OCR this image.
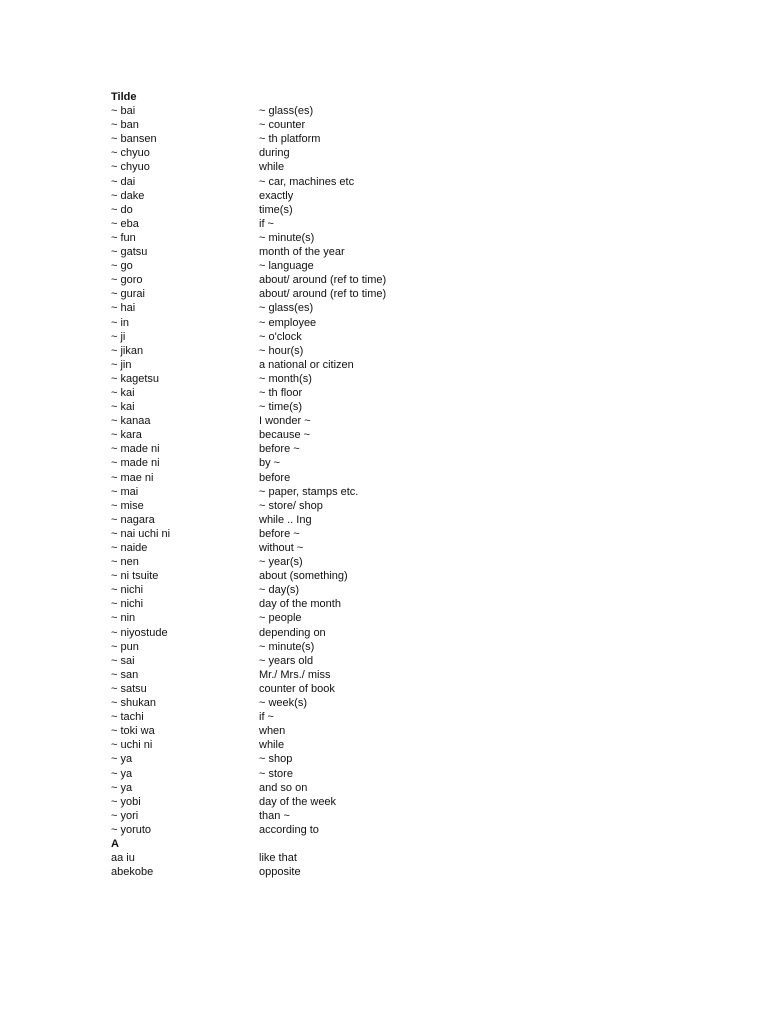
Tilde
~ bai	~ glass(es)
~ ban	~ counter
~ bansen	~ th platform
~ chyuo	during
~ chyuo	while
~ dai	~ car, machines etc
~ dake	exactly
~ do	time(s)
~ eba	if ~
~ fun	~ minute(s)
~ gatsu	month of the year
~ go	~ language
~ goro	about/ around (ref to time)
~ gurai	about/ around (ref to time)
~ hai	~ glass(es)
~ in	~ employee
~ ji	~ o'clock
~ jikan	~ hour(s)
~ jin	a national or citizen
~ kagetsu	~ month(s)
~ kai	~ th floor
~ kai	~ time(s)
~ kanaa	I wonder ~
~ kara	because ~
~ made ni	before ~
~ made ni	by ~
~ mae ni	before
~ mai	~ paper, stamps etc.
~ mise	~ store/ shop
~ nagara	while .. Ing
~ nai uchi ni	before ~
~ naide	without ~
~ nen	~ year(s)
~ ni tsuite	about (something)
~ nichi	~ day(s)
~ nichi	day of the month
~ nin	~ people
~ niyostude	depending on
~ pun	~ minute(s)
~ sai	~ years old
~ san	Mr./ Mrs./ miss
~ satsu	counter of book
~ shukan	~ week(s)
~ tachi	if ~
~ toki wa	when
~ uchi ni	while
~ ya	~ shop
~ ya	~ store
~ ya	and so on
~ yobi	day of the week
~ yori	than ~
~ yoruto	according to
A
aa iu	like that
abekobe	opposite
